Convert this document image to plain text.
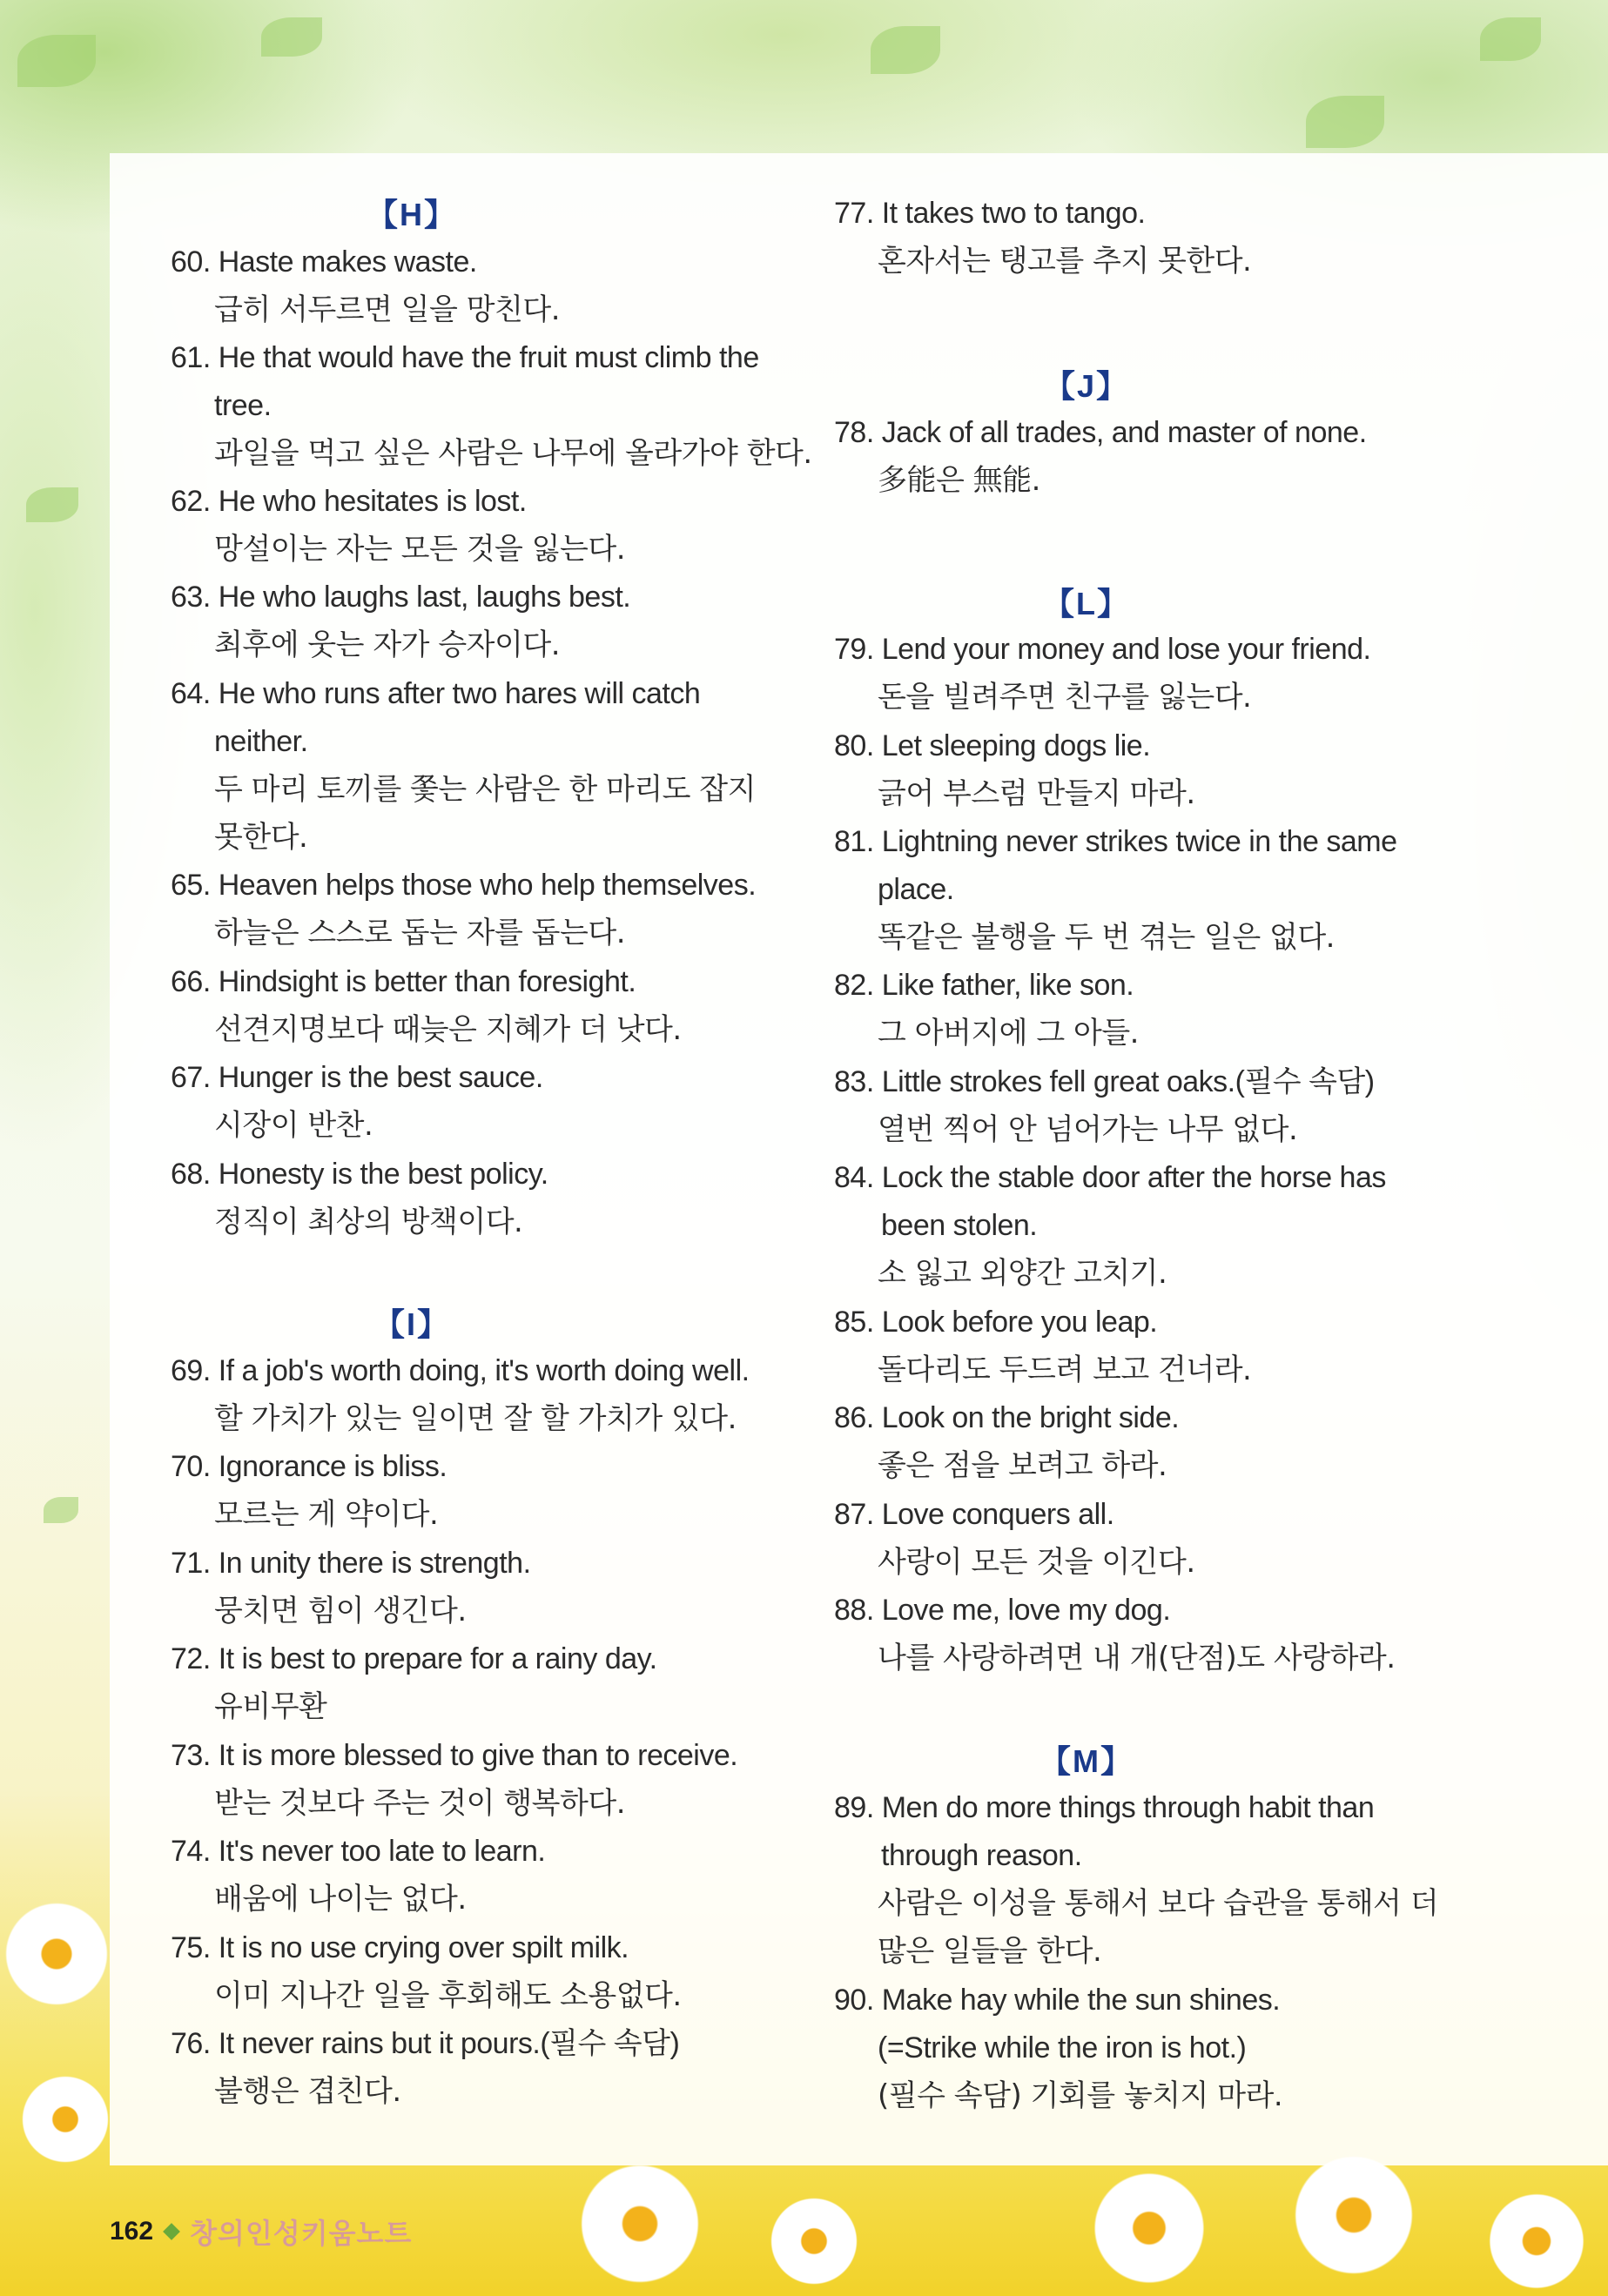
【H】
60. Haste makes waste.
급히 서두르면 일을 망친다.
61. He that would have the fruit must climb the
tree.
과일을 먹고 싶은 사람은 나무에 올라가야 한다.
62. He who hesitates is lost.
망설이는 자는 모든 것을 잃는다.
63. He who laughs last, laughs best.
최후에 웃는 자가 승자이다.
64. He who runs after two hares will catch
neither.
두 마리 토끼를 쫓는 사람은 한 마리도 잡지
못한다.
65. Heaven helps those who help themselves.
하늘은 스스로 돕는 자를 돕는다.
66. Hindsight is better than foresight.
선견지명보다 때늦은 지혜가 더 낫다.
67. Hunger is the best sauce.
시장이 반찬.
68. Honesty is the best policy.
정직이 최상의 방책이다.
【I】
69. If a job's worth doing, it's worth doing well.
할 가치가 있는 일이면 잘 할 가치가 있다.
70. Ignorance is bliss.
모르는 게 약이다.
71. In unity there is strength.
뭉치면 힘이 생긴다.
72. It is best to prepare for a rainy day.
유비무환
73. It is more blessed to give than to receive.
받는 것보다 주는 것이 행복하다.
74. It's never too late to learn.
배움에 나이는 없다.
75. It is no use crying over spilt milk.
이미 지나간 일을 후회해도 소용없다.
76. It never rains but it pours.(필수 속담)
불행은 겹친다.
77. It takes two to tango.
혼자서는 탱고를 추지 못한다.
【J】
78. Jack of all trades, and master of none.
多能은 無能.
【L】
79. Lend your money and lose your friend.
돈을 빌려주면 친구를 잃는다.
80. Let sleeping dogs lie.
긁어 부스럼 만들지 마라.
81. Lightning never strikes twice in the same
place.
똑같은 불행을 두 번 겪는 일은 없다.
82. Like father, like son.
그 아버지에 그 아들.
83. Little strokes fell great oaks.(필수 속담)
열번 찍어 안 넘어가는 나무 없다.
84. Lock the stable door after the horse has
been stolen.
소 잃고 외양간 고치기.
85. Look before you leap.
돌다리도 두드려 보고 건너라.
86. Look on the bright side.
좋은 점을 보려고 하라.
87. Love conquers all.
사랑이 모든 것을 이긴다.
88. Love me, love my dog.
나를 사랑하려면 내 개(단점)도 사랑하라.
【M】
89. Men do more things through habit than
through reason.
사람은 이성을 통해서 보다 습관을 통해서 더
많은 일들을 한다.
90. Make hay while the sun shines.
(=Strike while the iron is hot.)
(필수 속담) 기회를 놓치지 마라.
162 창의인성키움노트
